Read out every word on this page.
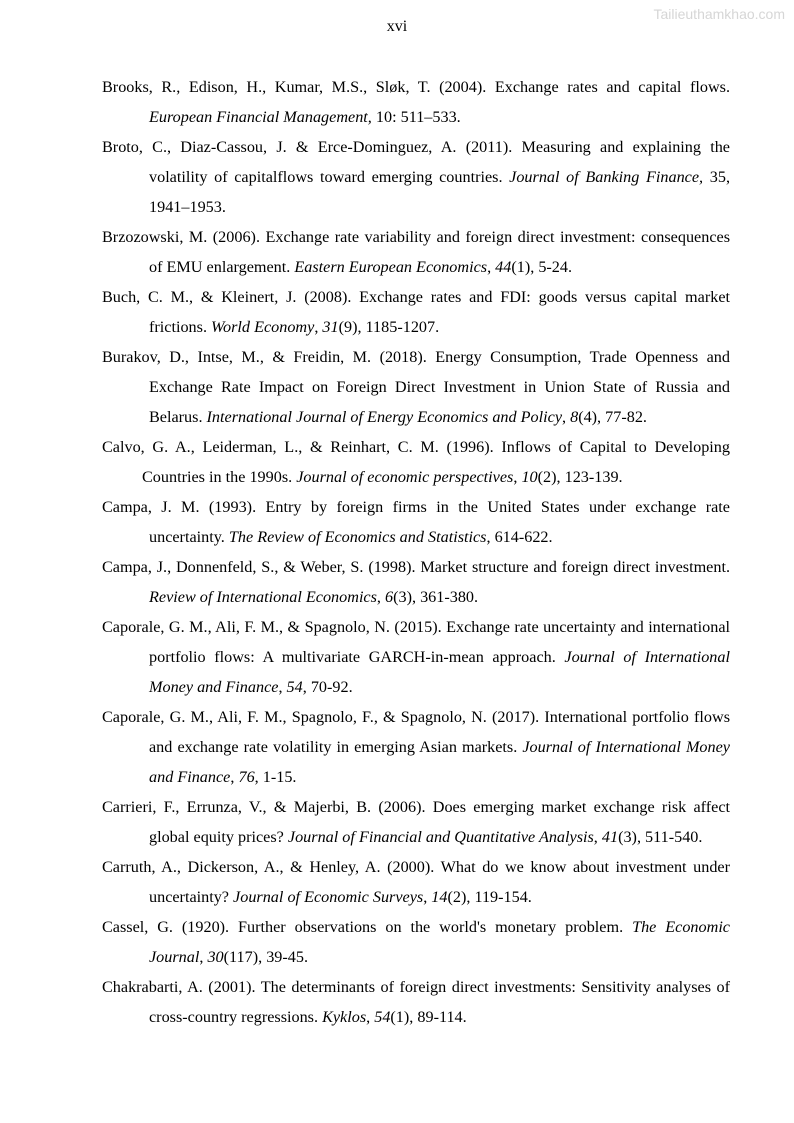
Tailieuthamkhao.com
xvi

Brooks, R., Edison, H., Kumar, M.S., Sløk, T. (2004). Exchange rates and capital flows. European Financial Management, 10: 511–533.

Broto, C., Diaz-Cassou, J. & Erce-Dominguez, A. (2011). Measuring and explaining the volatility of capitalflows toward emerging countries. Journal of Banking Finance, 35, 1941–1953.

Brzozowski, M. (2006). Exchange rate variability and foreign direct investment: consequences of EMU enlargement. Eastern European Economics, 44(1), 5-24.

Buch, C. M., & Kleinert, J. (2008). Exchange rates and FDI: goods versus capital market frictions. World Economy, 31(9), 1185-1207.

Burakov, D., Intse, M., & Freidin, M. (2018). Energy Consumption, Trade Openness and Exchange Rate Impact on Foreign Direct Investment in Union State of Russia and Belarus. International Journal of Energy Economics and Policy, 8(4), 77-82.

Calvo, G. A., Leiderman, L., & Reinhart, C. M. (1996). Inflows of Capital to Developing Countries in the 1990s. Journal of economic perspectives, 10(2), 123-139.

Campa, J. M. (1993). Entry by foreign firms in the United States under exchange rate uncertainty. The Review of Economics and Statistics, 614-622.

Campa, J., Donnenfeld, S., & Weber, S. (1998). Market structure and foreign direct investment. Review of International Economics, 6(3), 361-380.

Caporale, G. M., Ali, F. M., & Spagnolo, N. (2015). Exchange rate uncertainty and international portfolio flows: A multivariate GARCH-in-mean approach. Journal of International Money and Finance, 54, 70-92.

Caporale, G. M., Ali, F. M., Spagnolo, F., & Spagnolo, N. (2017). International portfolio flows and exchange rate volatility in emerging Asian markets. Journal of International Money and Finance, 76, 1-15.

Carrieri, F., Errunza, V., & Majerbi, B. (2006). Does emerging market exchange risk affect global equity prices? Journal of Financial and Quantitative Analysis, 41(3), 511-540.

Carruth, A., Dickerson, A., & Henley, A. (2000). What do we know about investment under uncertainty? Journal of Economic Surveys, 14(2), 119-154.

Cassel, G. (1920). Further observations on the world's monetary problem. The Economic Journal, 30(117), 39-45.

Chakrabarti, A. (2001). The determinants of foreign direct investments: Sensitivity analyses of cross-country regressions. Kyklos, 54(1), 89-114.
